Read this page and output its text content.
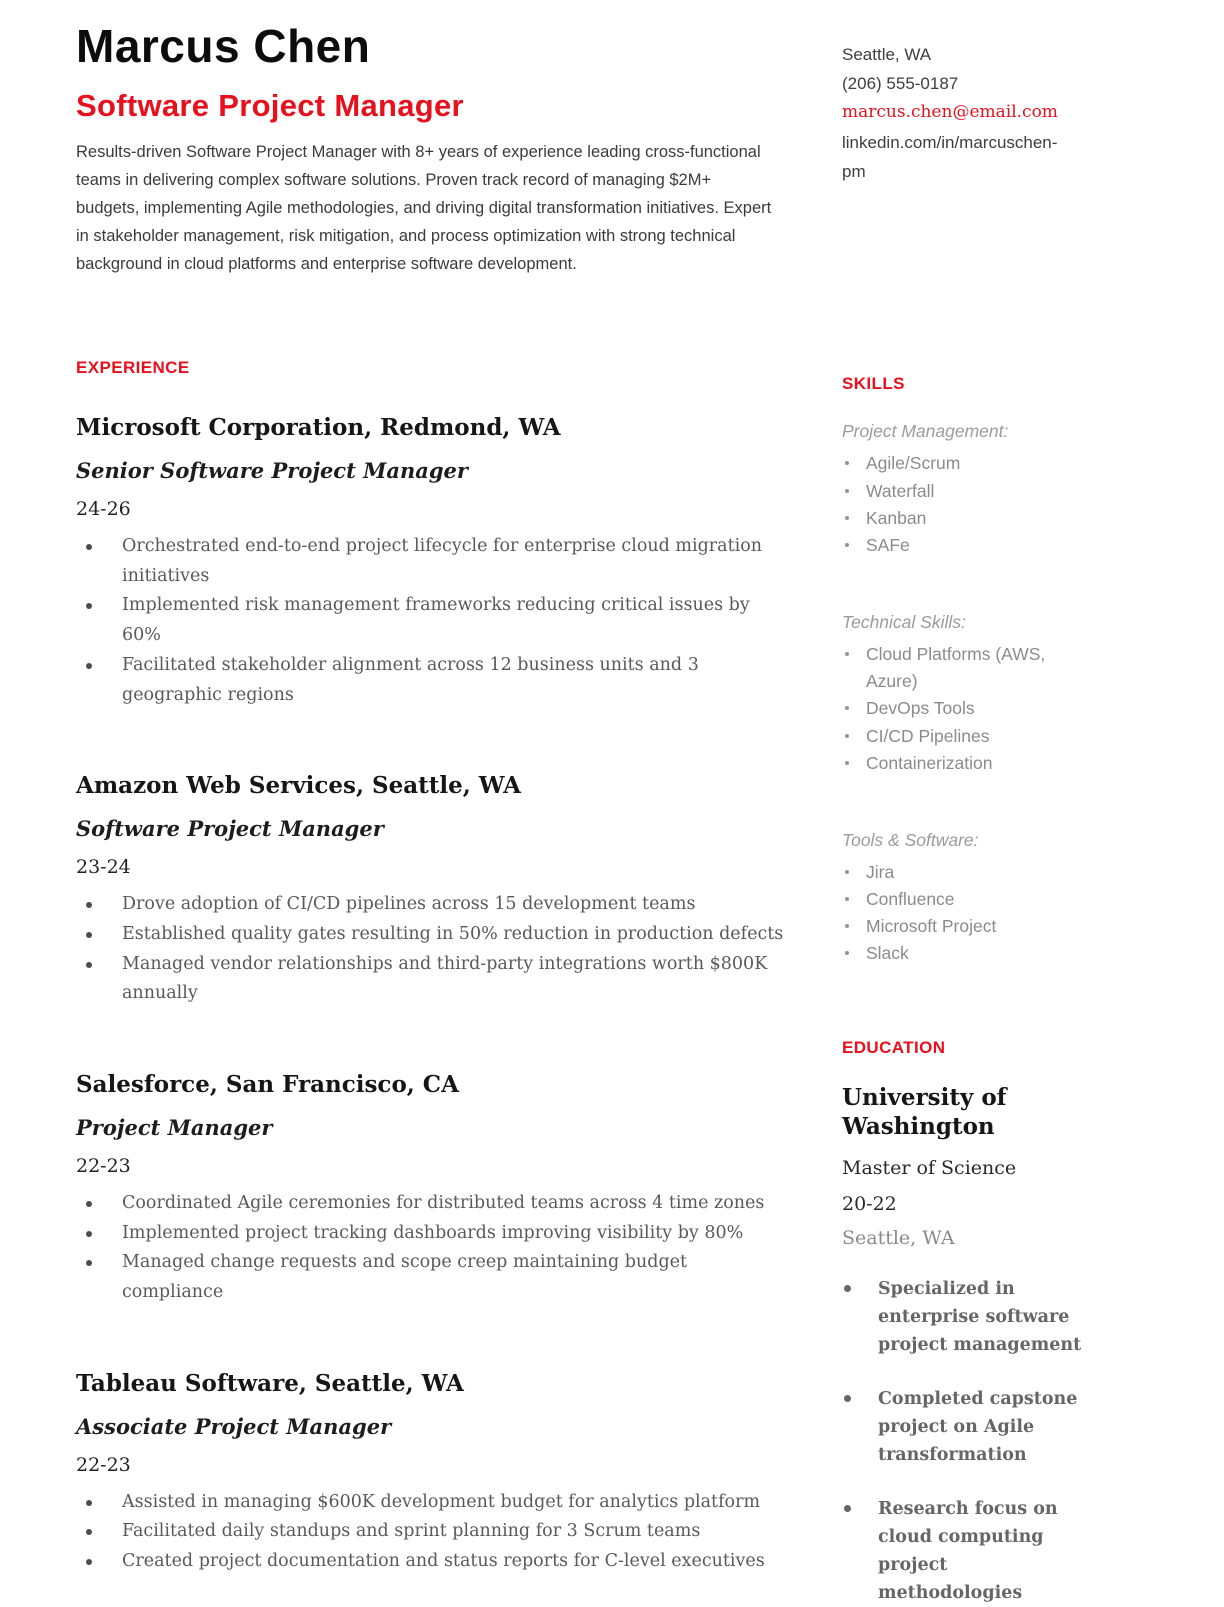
Marcus Chen
Software Project Manager

Results-driven Software Project Manager with 8+ years of experience leading cross-functional teams in delivering complex software solutions. Proven track record of managing $2M+ budgets, implementing Agile methodologies, and driving digital transformation initiatives. Expert in stakeholder management, risk mitigation, and process optimization with strong technical background in cloud platforms and enterprise software development.

EXPERIENCE
Microsoft Corporation, Redmond, WA
Senior Software Project Manager
24-26
Orchestrated end-to-end project lifecycle for enterprise cloud migration initiatives
Implemented risk management frameworks reducing critical issues by 60%
Facilitated stakeholder alignment across 12 business units and 3 geographic regions
Amazon Web Services, Seattle, WA
Software Project Manager
23-24
Drove adoption of CI/CD pipelines across 15 development teams
Established quality gates resulting in 50% reduction in production defects
Managed vendor relationships and third-party integrations worth $800K annually
Salesforce, San Francisco, CA
Project Manager
22-23
Coordinated Agile ceremonies for distributed teams across 4 time zones
Implemented project tracking dashboards improving visibility by 80%
Managed change requests and scope creep maintaining budget compliance
Tableau Software, Seattle, WA
Associate Project Manager
22-23
Assisted in managing $600K development budget for analytics platform
Facilitated daily standups and sprint planning for 3 Scrum teams
Created project documentation and status reports for C-level executives
Seattle, WA
(206) 555-0187
marcus.chen@email.com
linkedin.com/in/marcuschen-pm
SKILLS
Project Management:
Agile/Scrum
Waterfall
Kanban
SAFe
Technical Skills:
Cloud Platforms (AWS, Azure)
DevOps Tools
CI/CD Pipelines
Containerization
Tools & Software:
Jira
Confluence
Microsoft Project
Slack
EDUCATION
University of Washington
Master of Science
20-22
Seattle, WA
Specialized in enterprise software project management
Completed capstone project on Agile transformation
Research focus on cloud computing project methodologies
